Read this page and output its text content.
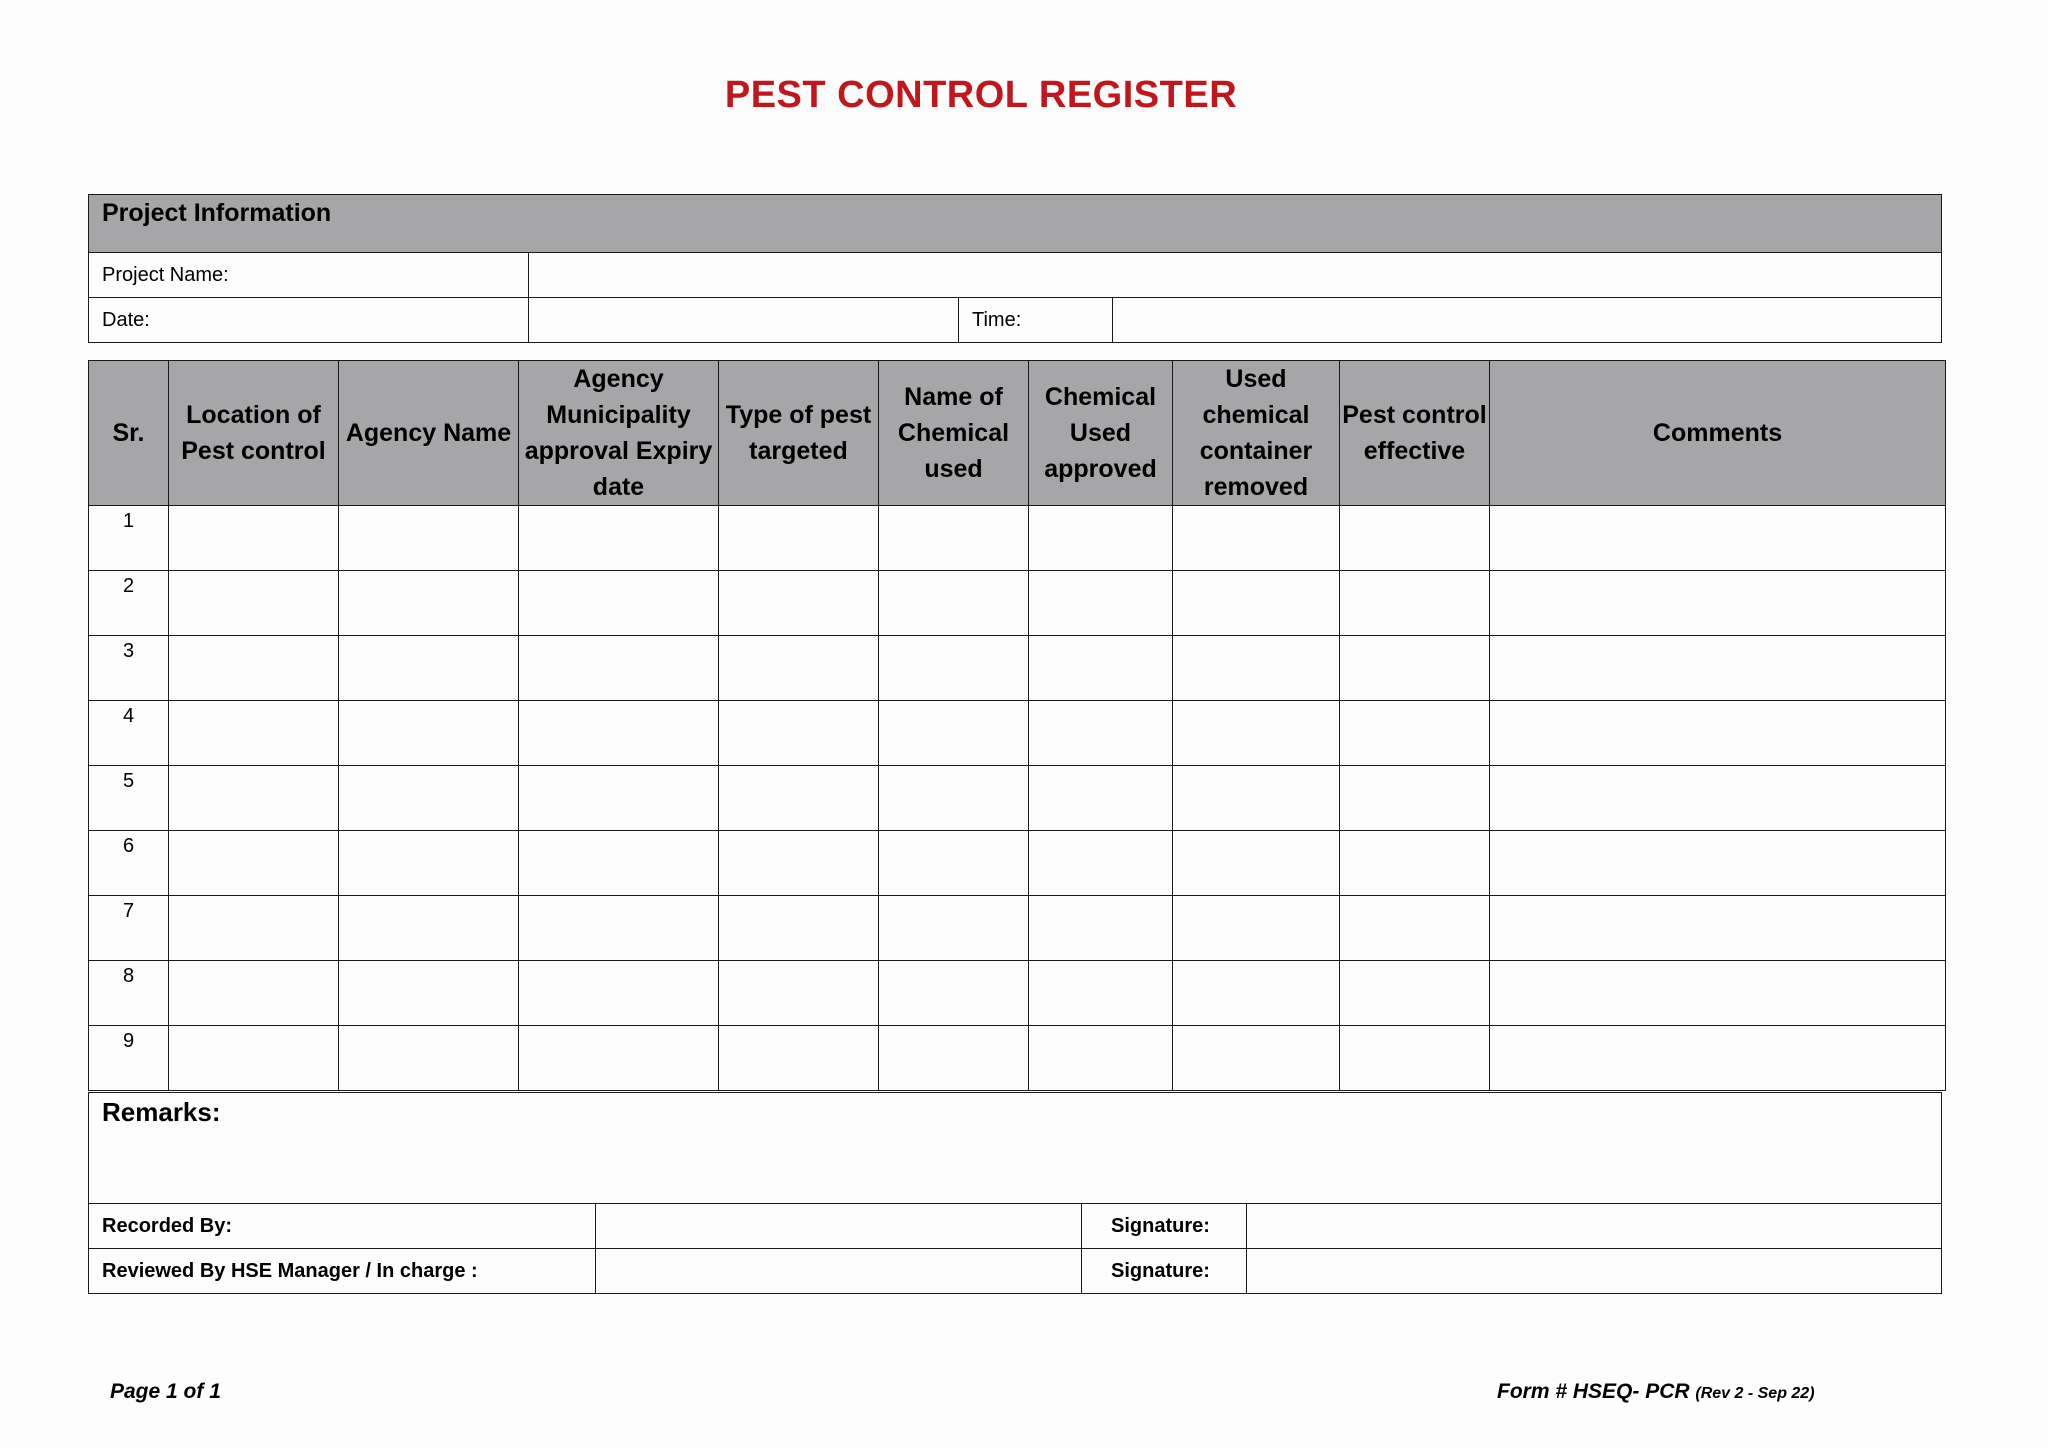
PEST CONTROL REGISTER
Project Information			
Project Name:			
Date:		Time:	
Sr.	Location of Pest control	Agency Name	Agency Municipality approval Expiry date	Type of pest targeted	Name of Chemical used	Chemical Used approved	Used chemical container removed	Pest control effective	Comments
1									
2									
3									
4									
5									
6									
7									
8									
9									
Remarks:			
Recorded By:		Signature:	
Reviewed By HSE Manager / In charge :		Signature:	
Page 1 of 1	Form # HSEQ- PCR (Rev 2 - Sep 22)
